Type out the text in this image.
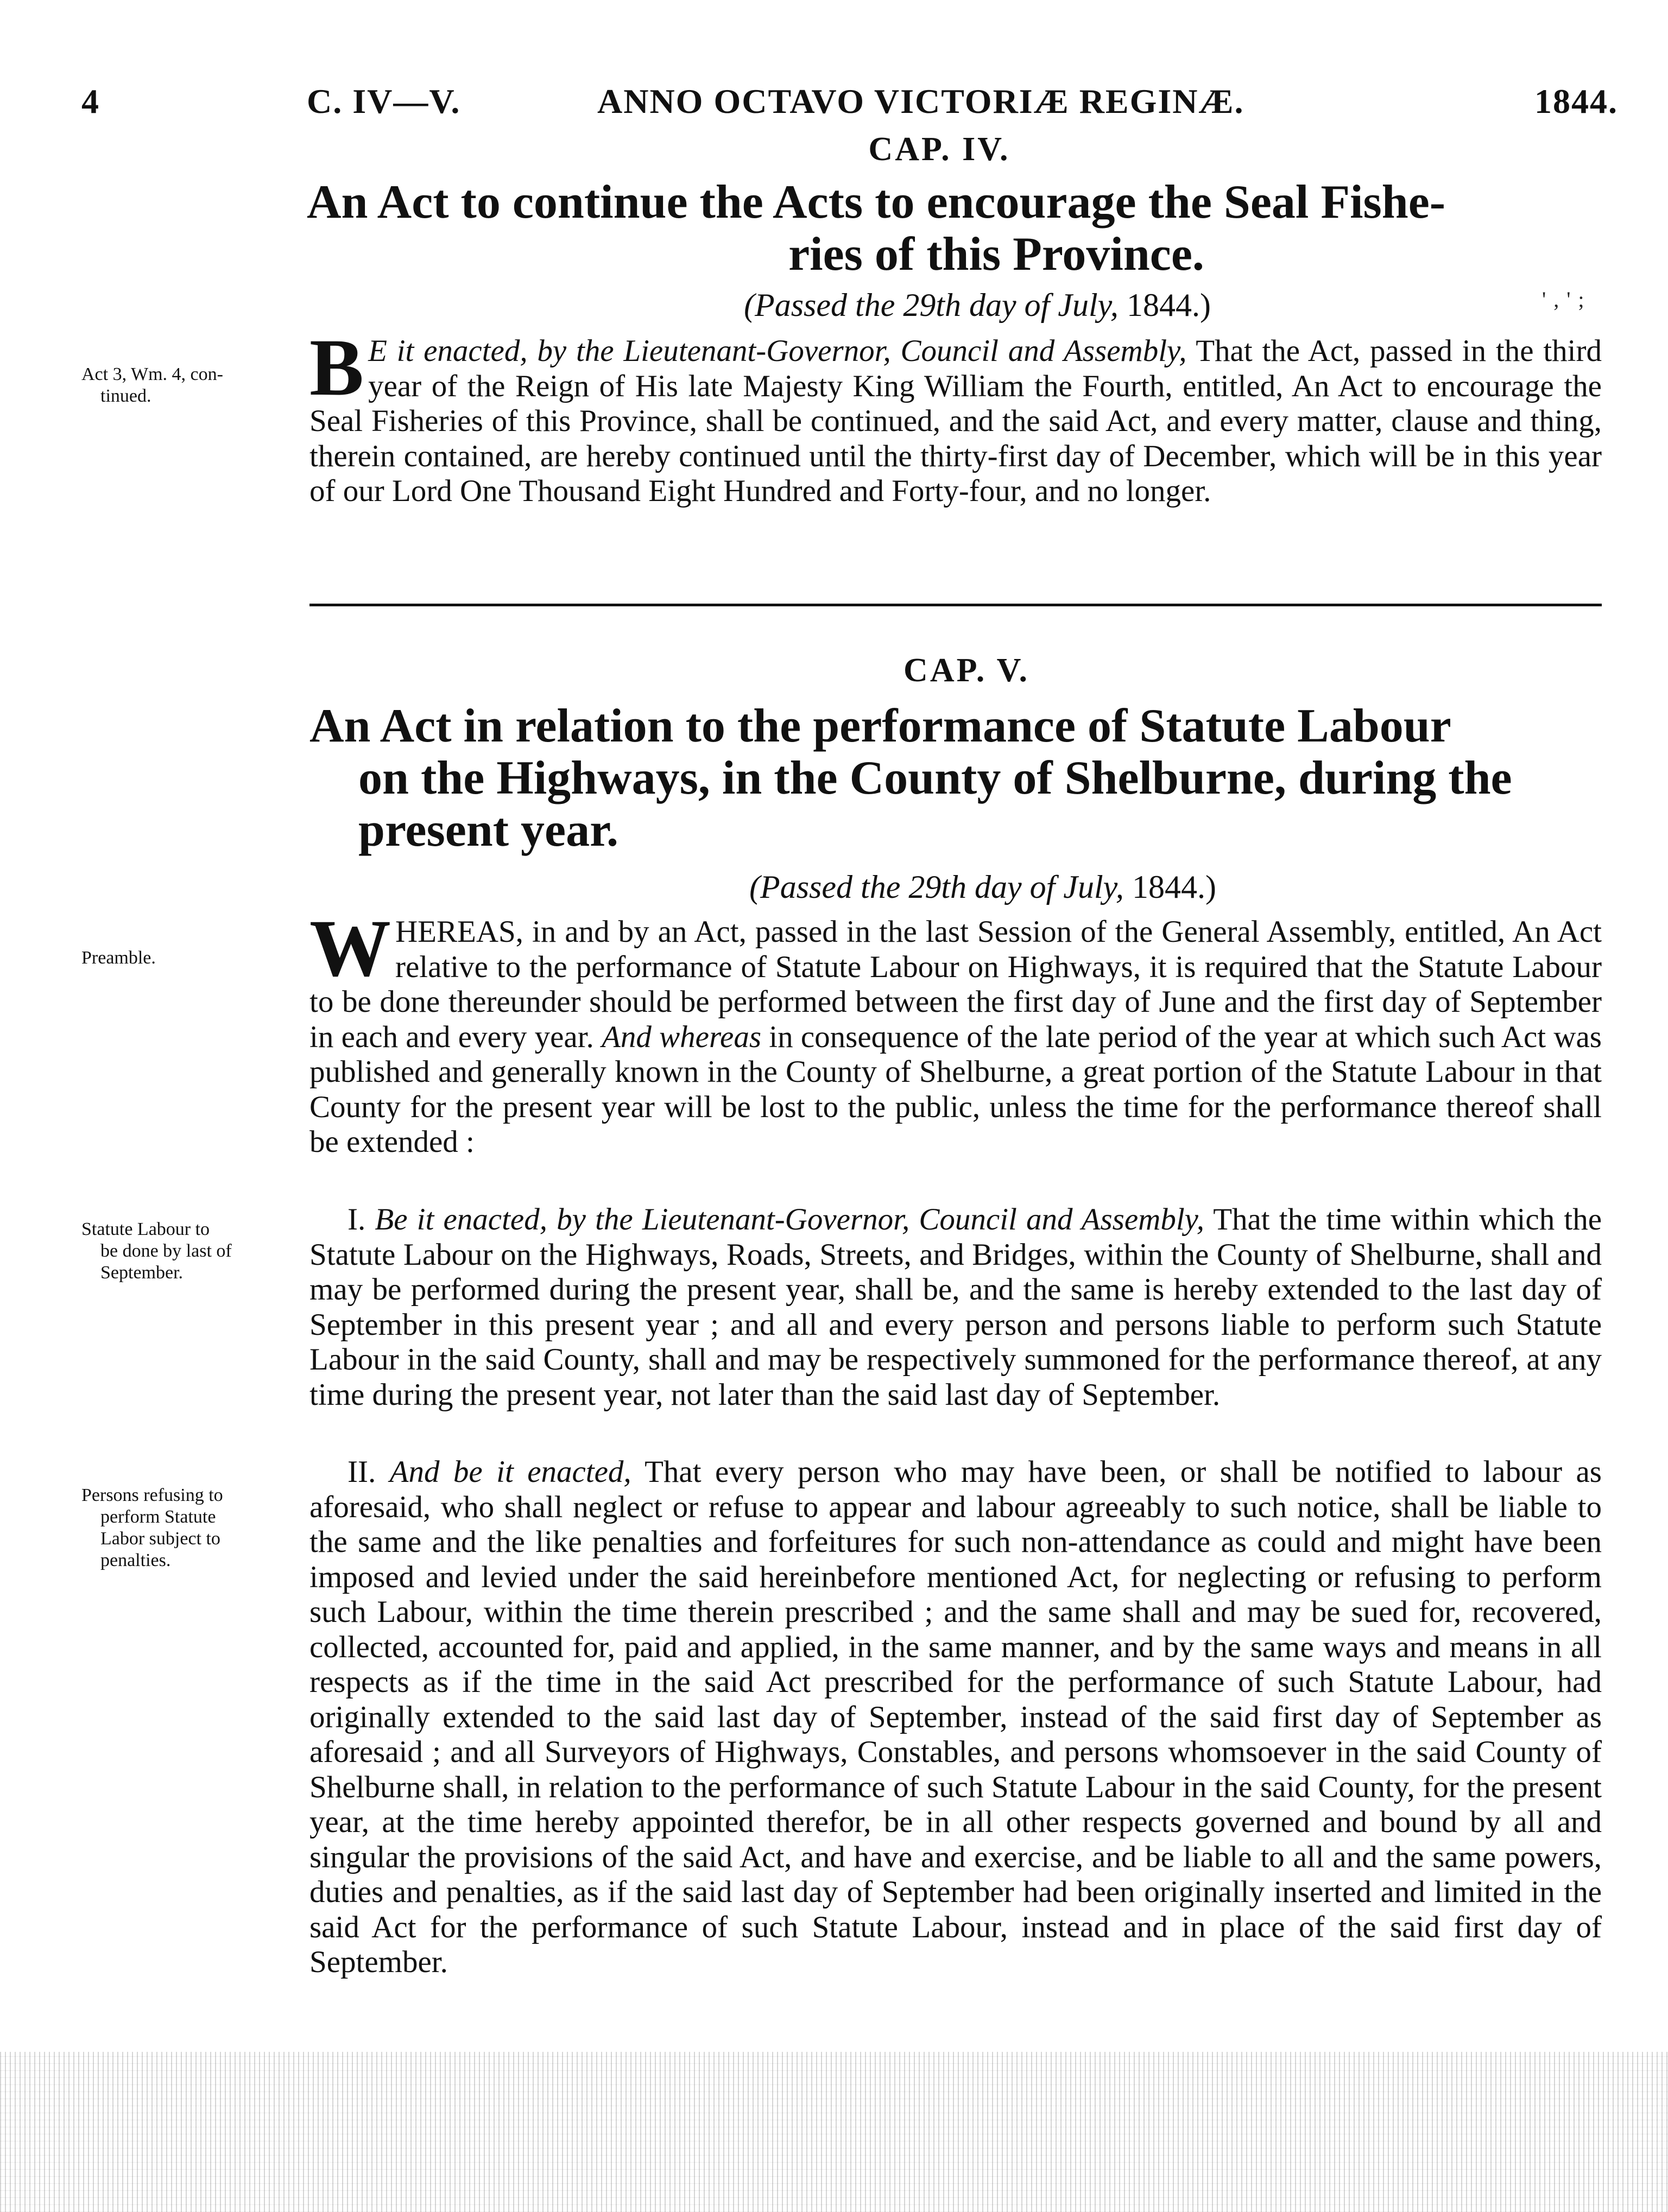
4	C. IV—V.	ANNO OCTAVO VICTORIÆ REGINÆ.	1844.
CAP. IV.
An Act to continue the Acts to encourage the Seal Fishe-
ries of this Province.
(Passed the 29th day of July, 1844.)	' , ' ;
Act 3, Wm. 4, con-
tinued.	B E it enacted, by the Lieutenant-Governor, Council and Assembly, That the Act, passed in the third year of the Reign of His late Majesty King William the Fourth, entitled, An Act to encourage the Seal Fisheries of this Province, shall be continued, and the said Act, and every matter, clause and thing, therein contained, are hereby continued until the thirty-first day of December, which will be in this year of our Lord One Thousand Eight Hundred and Forty-four, and no longer.
CAP. V.
An Act in relation to the performance of Statute Labour
on the Highways, in the County of Shelburne, during the
present year.
(Passed the 29th day of July, 1844.)
Preamble.	WHEREAS, in and by an Act, passed in the last Session of the General Assembly, entitled, An Act relative to the performance of Statute Labour on Highways, it is required that the Statute Labour to be done thereunder should be performed between the first day of June and the first day of September in each and every year. And whereas in consequence of the late period of the year at which such Act was published and generally known in the County of Shelburne, a great portion of the Statute Labour in that County for the present year will be lost to the public, unless the time for the performance thereof shall be extended :
Statute Labour to
be done by last of
September.
I. Be it enacted, by the Lieutenant-Governor, Council and Assembly, That the time within which the Statute Labour on the Highways, Roads, Streets, and Bridges, within the County of Shelburne, shall and may be performed during the present year, shall be, and the same is hereby extended to the last day of September in this present year ; and all and every person and persons liable to perform such Statute Labour in the said County, shall and may be respectively summoned for the performance thereof, at any time during the present year, not later than the said last day of September.
Persons refusing to
perform Statute
Labor subject to
penalties.
II. And be it enacted, That every person who may have been, or shall be notified to labour as aforesaid, who shall neglect or refuse to appear and labour agreeably to such notice, shall be liable to the same and the like penalties and forfeitures for such non-attendance as could and might have been imposed and levied under the said hereinbefore mentioned Act, for neglecting or refusing to perform such Labour, within the time therein prescribed ; and the same shall and may be sued for, recovered, collected, accounted for, paid and applied, in the same manner, and by the same ways and means in all respects as if the time in the said Act prescribed for the performance of such Statute Labour, had originally extended to the said last day of September, instead of the said first day of September as aforesaid ; and all Surveyors of Highways, Constables, and persons whomsoever in the said County of Shelburne shall, in relation to the performance of such Statute Labour in the said County, for the present year, at the time hereby appointed therefor, be in all other respects governed and bound by all and singular the provisions of the said Act, and have and exercise, and be liable to all and the same powers, duties and penalties, as if the said last day of September had been originally inserted and limited in the said Act for the performance of such Statute Labour, instead and in place of the said first day of September.
